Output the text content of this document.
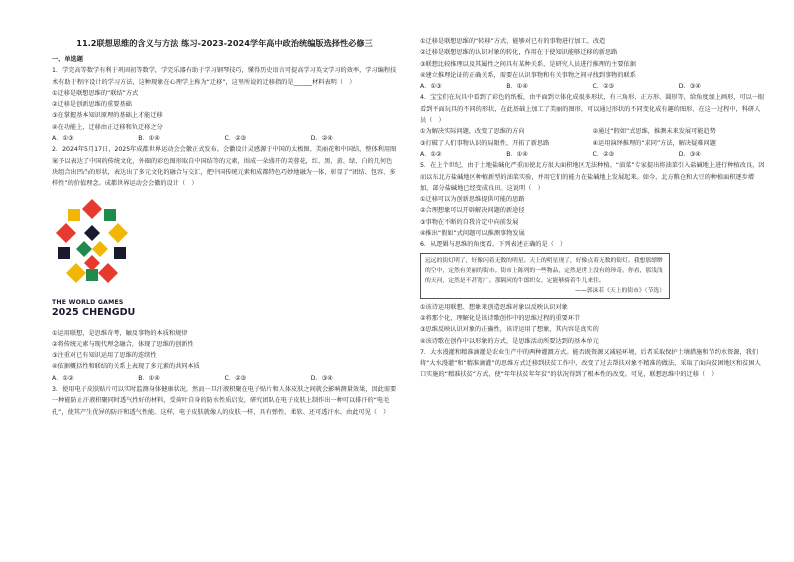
11.2联想思维的含义与方法 练习-2023-2024学年高中政治统编版选择性必修三
一、单选题
1．学完高等数学有利于巩固初等数学，学完乐器有助于学习钢琴技巧，懂得历史语言可提高学习英文学习的效率，学习编程技术有助于程序设计的学习方法，这种现象在心理学上称为“迁移”，这里所说的迁移指的是______材料表明（　）
①迁移是联想思维的“联结”方式
②迁移是创新思维的重要基础
③在掌握基本知识原理的基础上才能迁移
④在功能上，迁移由正迁移和负迁移之分
A．①③	B．①④	C．②③	D．②④
2．2024年5月17日，2025年成都世界运动会会徽正式发布。会徽设计灵感源于中国的太极图、美丽花和中国结，整体利用图案予以表达了中国的传统文化，外圈的彩色图形取自中国结等的元素，围成一朵盛开的芙蓉花，红、黑、黄、绿、白的几何色块组合出凹凸的形状，表达出了多元文化的融合与交汇，把中国传统元素和成都特色巧妙地融为一体，彰显了“团结、包容、多样性”的价值理念。成都世界运动会会徽的设计（　）
THE WORLD GAMES
2025 CHENGDU
①运用联想，是思维奇考，触及事物的本质和规律
②将传统元素与现代理念融合，体现了思维的创新性
③注重对已有知识运用了思维的连续性
④依据概括性和联结的关系上表现了多元素的共同本质
A．①②	B．①④	C．②③	D．③④
3．使用电子皮肤贴片可以实时监测身体健康状况，然而一旦汗液积聚在电子贴片和人体皮肤之间就会影响测量效果，因此需要一种能防止汗液积聚同时透气性好的材料，受荷叶自身的防水性质启发，研究团队在电子皮肤上制作出一种可以排汗的“电毛孔”，使其产生优异的防汗和透气性能。这样，电子皮肤就像人的皮肤一样，具有弹性、柔软、还可透汗水。由此可见（　）
①迁移是联想思维的“转移”方式，能够对已有的事物进行加工、改造
②迁移是联想思维的认识对象的转化，作用在于使知识能够迁移的新思路
③联想比较推理以及其属性之间具有某种关系，是研究人员进行推理的主要依据
④建立推理论证的正确关系，需要在认识事物和有关事物之间寻找到事物的联系
A．①③	B．①④	C．②③	D．③④
4．宝宝们在玩具中看到了彩色的纸板，由平面到立体化成很多形状，有三角形、正方形、圆形等，给角度加上画形，可以一眼看到平面玩具的不同的形状，在此基础上加工了美丽的图形，可以通过形状的不同变化成有趣的图形，在这一过程中，科研人员（　）
①为解决实际问题，改变了思维的方向	②通过“假如”式思维，推测未来发展可能趋势
③打破了人们事物认识的局限性，开拓了新思路	④运用演绎推理的“求同”方法，解决疑难问题
A．①②	B．①④	C．②③	D．③④
5．在上个世纪，由于土地盐碱化严重而使北方很大面积地区无法种植。“油菜”专家提出将油菜引入盐碱地上进行种植改良，因而以东北方盐碱地区种植新型的油菜实验，并用它们的能力在盐碱地上发展起来。如今，北方粮仓和大豆的种植面积逐步增加，部分盐碱地已经变成良田。这说明（　）
①迁移可以为创新思维提供可能的思路
②合理想象可以开辟解决问题的新途径
③事物在不断的自我肯定中向前发展
④推出“假如”式问题可以推测事物发展
6．从逻辑与思维的角度看，下列表述正确的是（　）
远远的街灯明了，好像闪着无数的明星。天上的明星现了，好像点着无数的街灯。我想那缥缈的空中，定然有美丽的街市。街市上陈列的一些物品，定然是世上没有的珍奇。你看，那浅浅的天河，定然是不甚宽广。那隔河的牛郎织女，定能够骑着牛儿来往。
——郭沫若《天上的街市》（节选）
①该诗运用联想、想象来创造思维对象以反映认识对象
②将那个化，理解化是该诗歌创作中的思维过程的重要环节
③思维反映认识对象的正确性，该诗运用了想象，其内容是真实的
④该诗歌在创作中以形象的方式，是思维活动所要达到的基本单元
7．大水漫灌和精准滴灌是农业生产中的两种灌溉方式。能否既资源又减轻环境，后者采取保护土壤措施和节约水资源，我们将“大水漫灌”和“精准滴灌”的思维方式迁移到扶贫工作中，改变了过去帮扶对象不精准的做法，采取了面向贫困地区和贫困人口实施的“精准扶贫”方式，使“年年扶贫年年贫”的状况得到了根本性的改变。可见，联想思维中的迁移（　）
